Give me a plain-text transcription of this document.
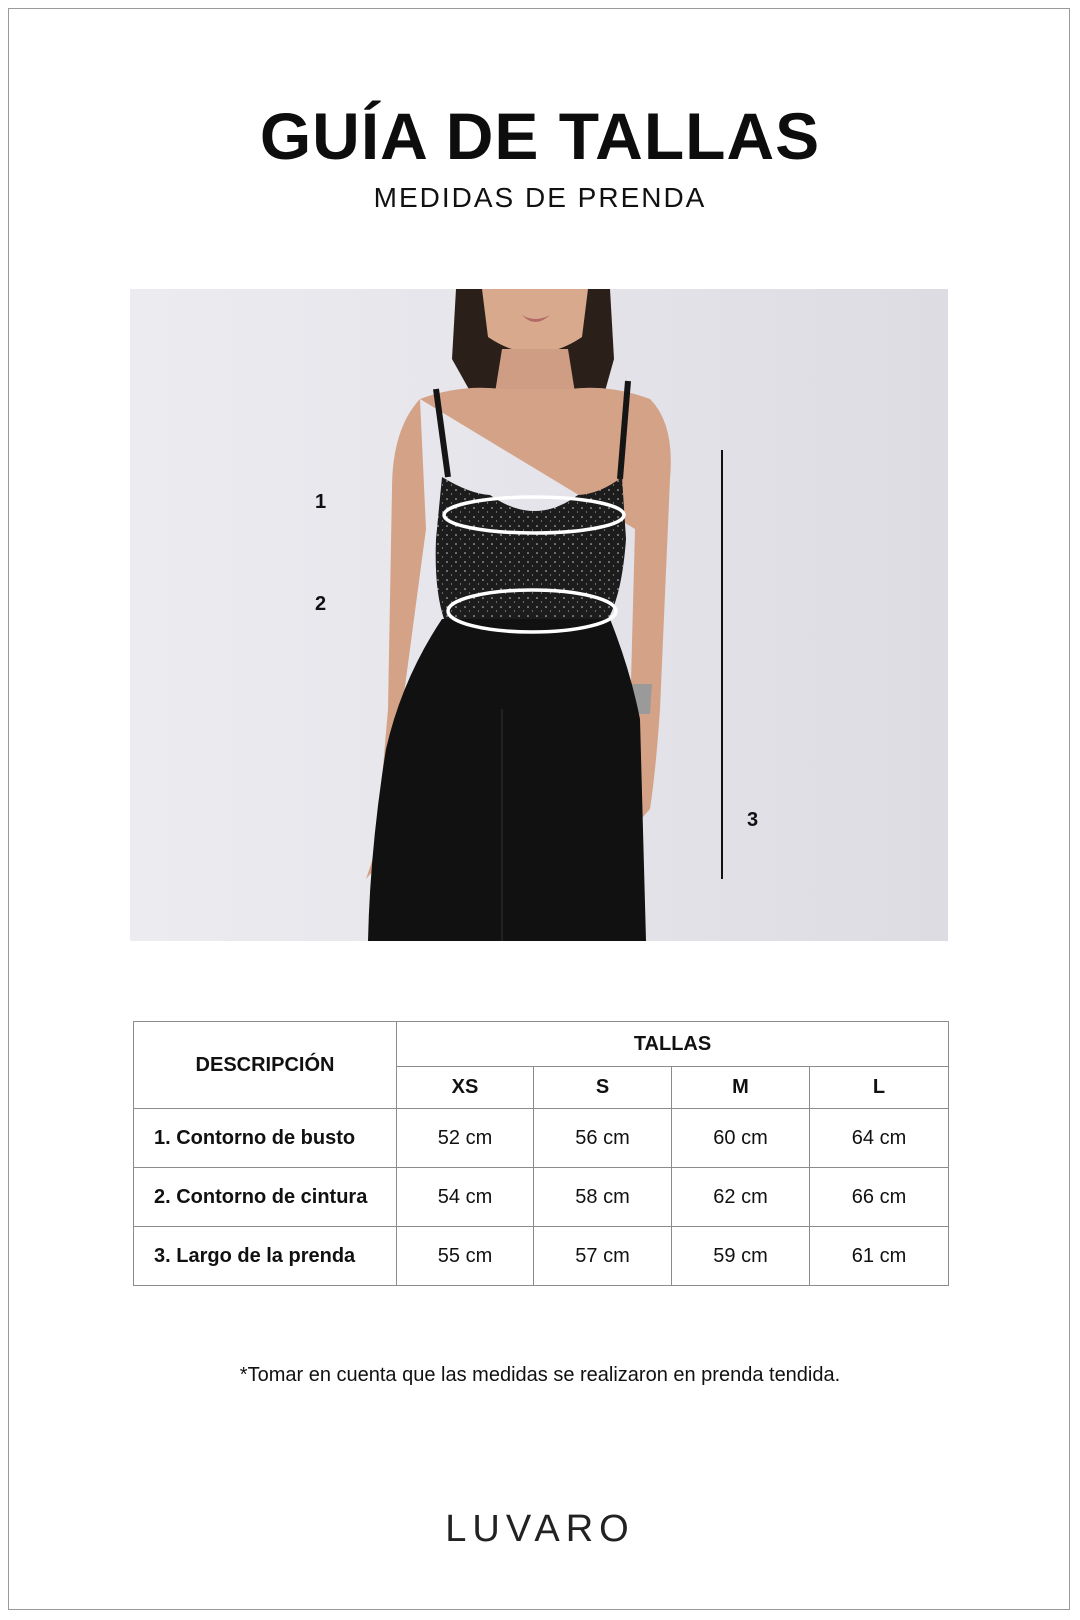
GUÍA DE TALLAS
MEDIDAS DE PRENDA
1
2
3
DESCRIPCIÓN	TALLAS			
	XS	S	M	L
1. Contorno de busto	52 cm	56 cm	60 cm	64 cm
2. Contorno de cintura	54 cm	58 cm	62 cm	66 cm
3. Largo de la prenda	55 cm	57 cm	59 cm	61 cm
*Tomar en cuenta que las medidas se realizaron en prenda tendida.
LUVARO
